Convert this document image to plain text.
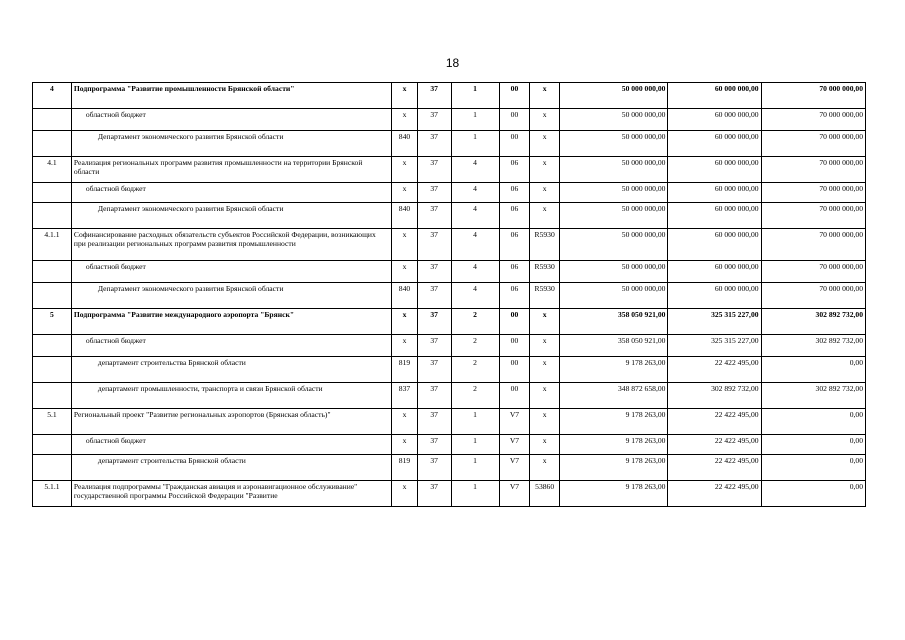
18
4	Подпрограмма "Развитие промышленности Брянской области"	х	37	1	00	х	50 000 000,00	60 000 000,00	70 000 000,00
	областной бюджет	х	37	1	00	х	50 000 000,00	60 000 000,00	70 000 000,00
	Департамент экономического развития Брянской области	840	37	1	00	х	50 000 000,00	60 000 000,00	70 000 000,00
4.1	Реализация региональных программ развития промышленности на территории Брянской области	х	37	4	06	х	50 000 000,00	60 000 000,00	70 000 000,00
	областной бюджет	х	37	4	06	х	50 000 000,00	60 000 000,00	70 000 000,00
	Департамент экономического развития Брянской области	840	37	4	06	х	50 000 000,00	60 000 000,00	70 000 000,00
4.1.1	Софинансирование расходных обязательств субъектов Российской Федерации, возникающих при реализации региональных программ развития промышленности	х	37	4	06	R5930	50 000 000,00	60 000 000,00	70 000 000,00
	областной бюджет	х	37	4	06	R5930	50 000 000,00	60 000 000,00	70 000 000,00
	Департамент экономического развития Брянской области	840	37	4	06	R5930	50 000 000,00	60 000 000,00	70 000 000,00
5	Подпрограмма "Развитие международного аэропорта "Брянск"	х	37	2	00	х	358 050 921,00	325 315 227,00	302 892 732,00
	областной бюджет	х	37	2	00	х	358 050 921,00	325 315 227,00	302 892 732,00
	департамент строительства Брянской области	819	37	2	00	х	9 178 263,00	22 422 495,00	0,00
	департамент промышленности, транспорта и связи Брянской области	837	37	2	00	х	348 872 658,00	302 892 732,00	302 892 732,00
5.1	Региональный проект "Развитие региональных аэропортов (Брянская область)"	х	37	1	V7	х	9 178 263,00	22 422 495,00	0,00
	областной бюджет	х	37	1	V7	х	9 178 263,00	22 422 495,00	0,00
	департамент строительства Брянской области	819	37	1	V7	х	9 178 263,00	22 422 495,00	0,00
5.1.1	Реализация подпрограммы "Гражданская авиация и аэронавигационное обслуживание" государственной программы Российской Федерации "Развитие	х	37	1	V7	53860	9 178 263,00	22 422 495,00	0,00
